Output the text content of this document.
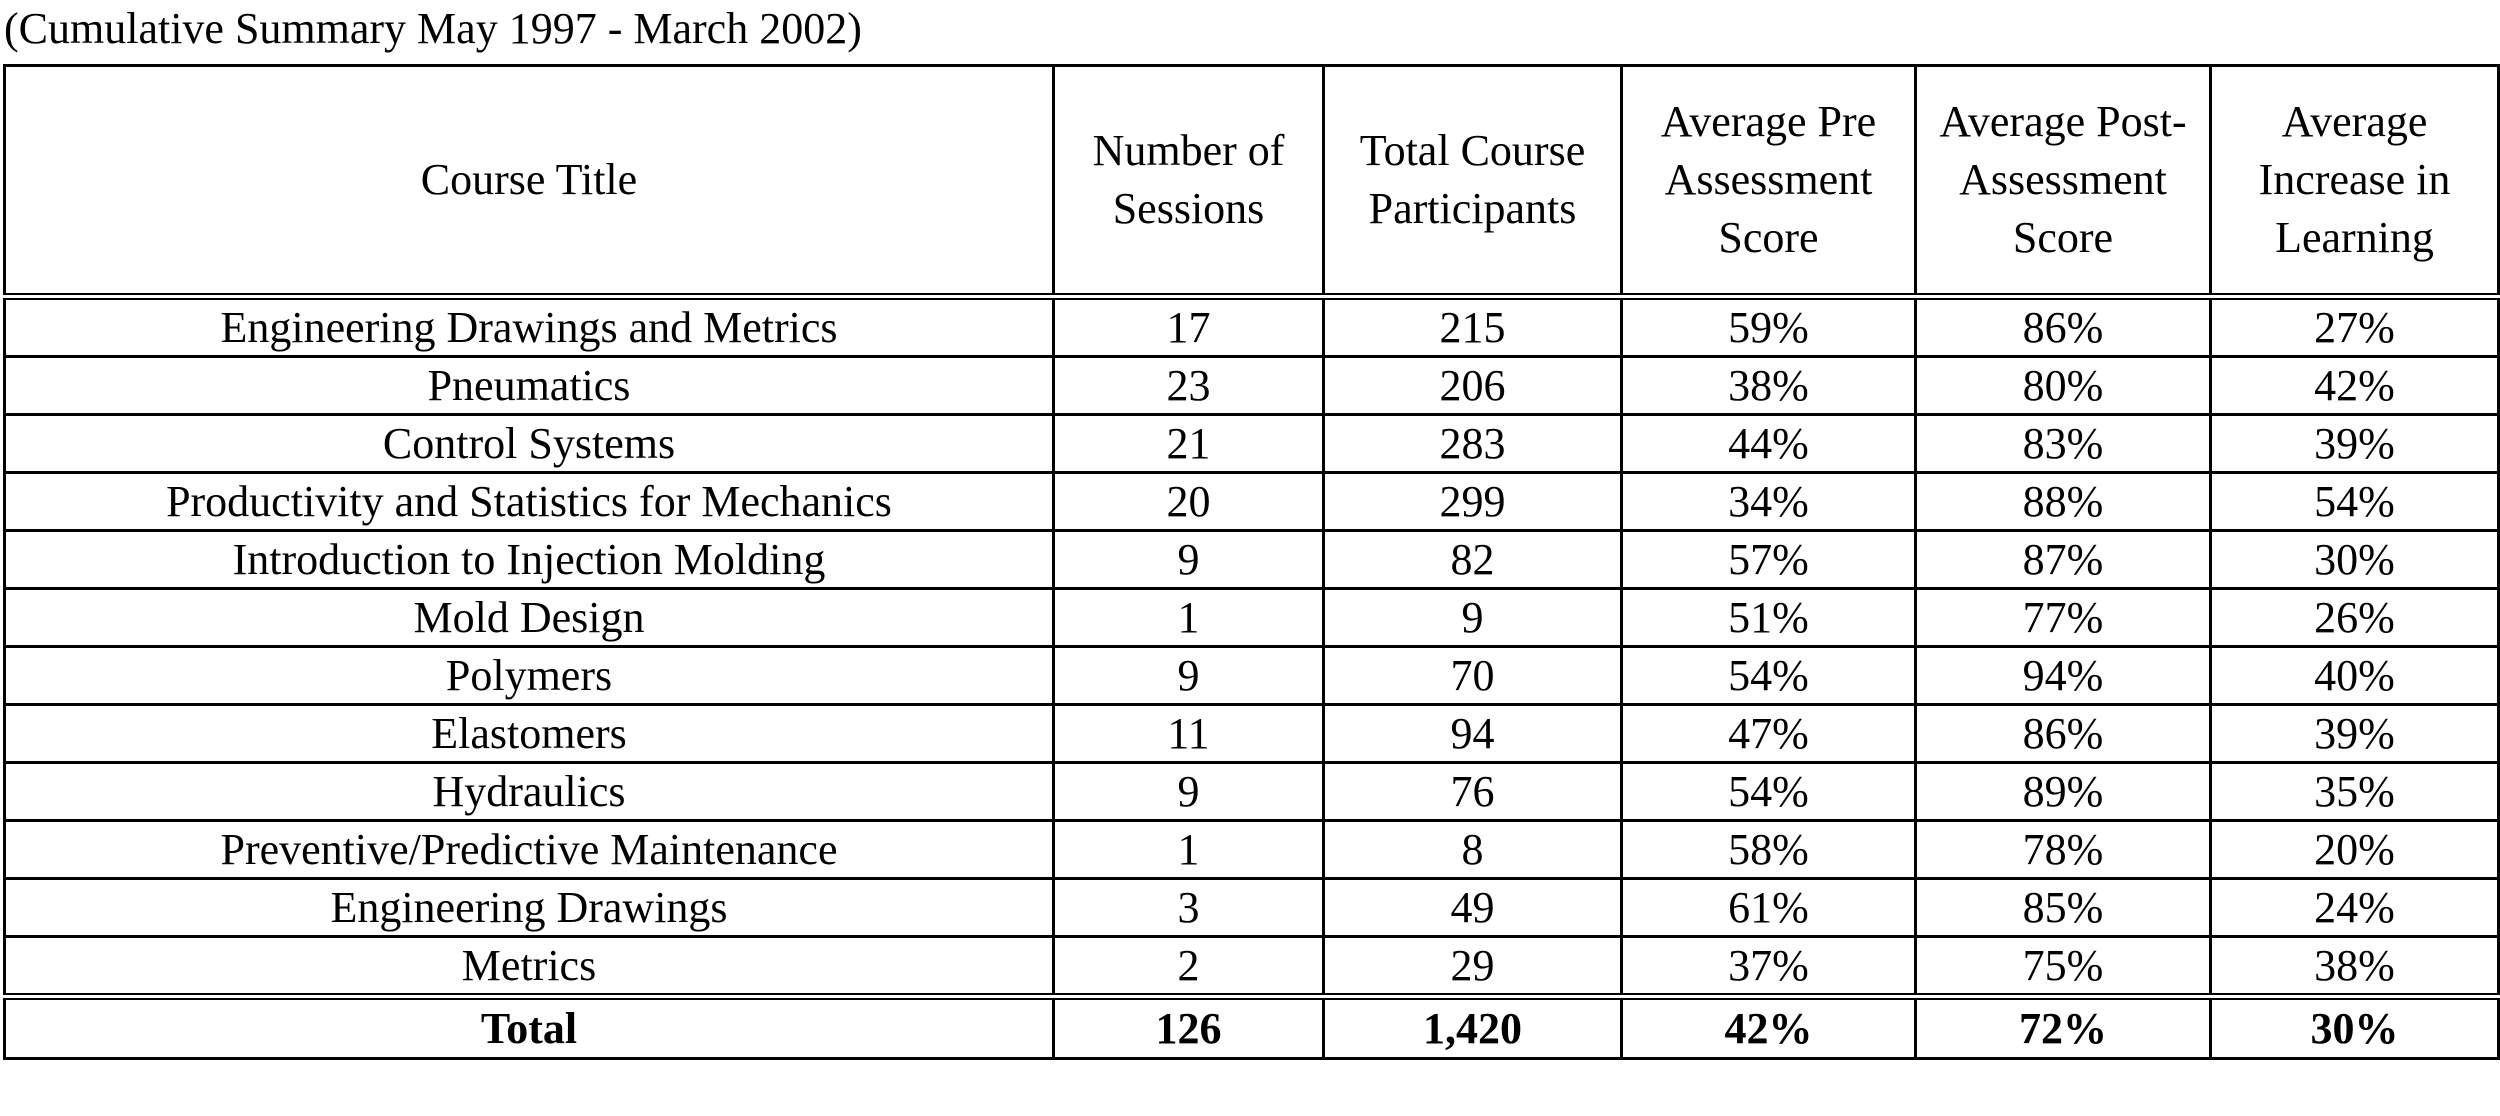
(Cumulative Summary May 1997 - March 2002)
Course Title	Number of Sessions	Total Course Participants	Average Pre Assessment Score	Average Post-Assessment Score	Average Increase in Learning
Engineering Drawings and Metrics	17	215	59%	86%	27%
Pneumatics	23	206	38%	80%	42%
Control Systems	21	283	44%	83%	39%
Productivity and Statistics for Mechanics	20	299	34%	88%	54%
Introduction to Injection Molding	9	82	57%	87%	30%
Mold Design	1	9	51%	77%	26%
Polymers	9	70	54%	94%	40%
Elastomers	11	94	47%	86%	39%
Hydraulics	9	76	54%	89%	35%
Preventive/Predictive Maintenance	1	8	58%	78%	20%
Engineering Drawings	3	49	61%	85%	24%
Metrics	2	29	37%	75%	38%
Total	126	1,420	42%	72%	30%
